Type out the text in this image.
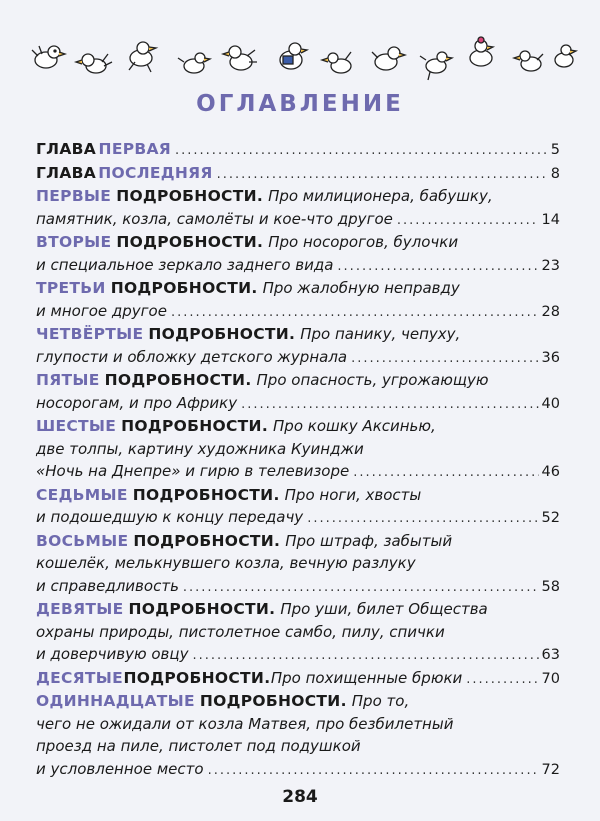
ОГЛАВЛЕНИЕ
ГЛАВА ПЕРВАЯ .....	5
ГЛАВА ПОСЛЕДНЯЯ .....	8
ПЕРВЫЕ ПОДРОБНОСТИ. Про милиционера, бабушку,
памятник, козла, самолёты и кое-что другое .....	14
ВТОРЫЕ ПОДРОБНОСТИ. Про носорогов, булочки
и специальное зеркало заднего вида .....	23
ТРЕТЬИ ПОДРОБНОСТИ. Про жалобную неправду
и многое другое .....	28
ЧЕТВЁРТЫЕ ПОДРОБНОСТИ. Про панику, чепуху,
глупости и обложку детского журнала .....	36
ПЯТЫЕ ПОДРОБНОСТИ. Про опасность, угрожающую
носорогам, и про Африку .....	40
ШЕСТЫЕ ПОДРОБНОСТИ. Про кошку Аксинью,
две толпы, картину художника Куинджи
«Ночь на Днепре» и гирю в телевизоре .....	46
СЕДЬМЫЕ ПОДРОБНОСТИ. Про ноги, хвосты
и подошедшую к концу передачу .....	52
ВОСЬМЫЕ ПОДРОБНОСТИ. Про штраф, забытый
кошелёк, мелькнувшего козла, вечную разлуку
и справедливость .....	58
ДЕВЯТЫЕ ПОДРОБНОСТИ. Про уши, билет Общества
охраны природы, пистолетное самбо, пилу, спички
и доверчивую овцу .....	63
ДЕСЯТЫЕ ПОДРОБНОСТИ. Про похищенные брюки .....	70
ОДИННАДЦАТЫЕ ПОДРОБНОСТИ. Про то,
чего не ожидали от козла Матвея, про безбилетный
проезд на пиле, пистолет под подушкой
и условленное место .....	72
284
